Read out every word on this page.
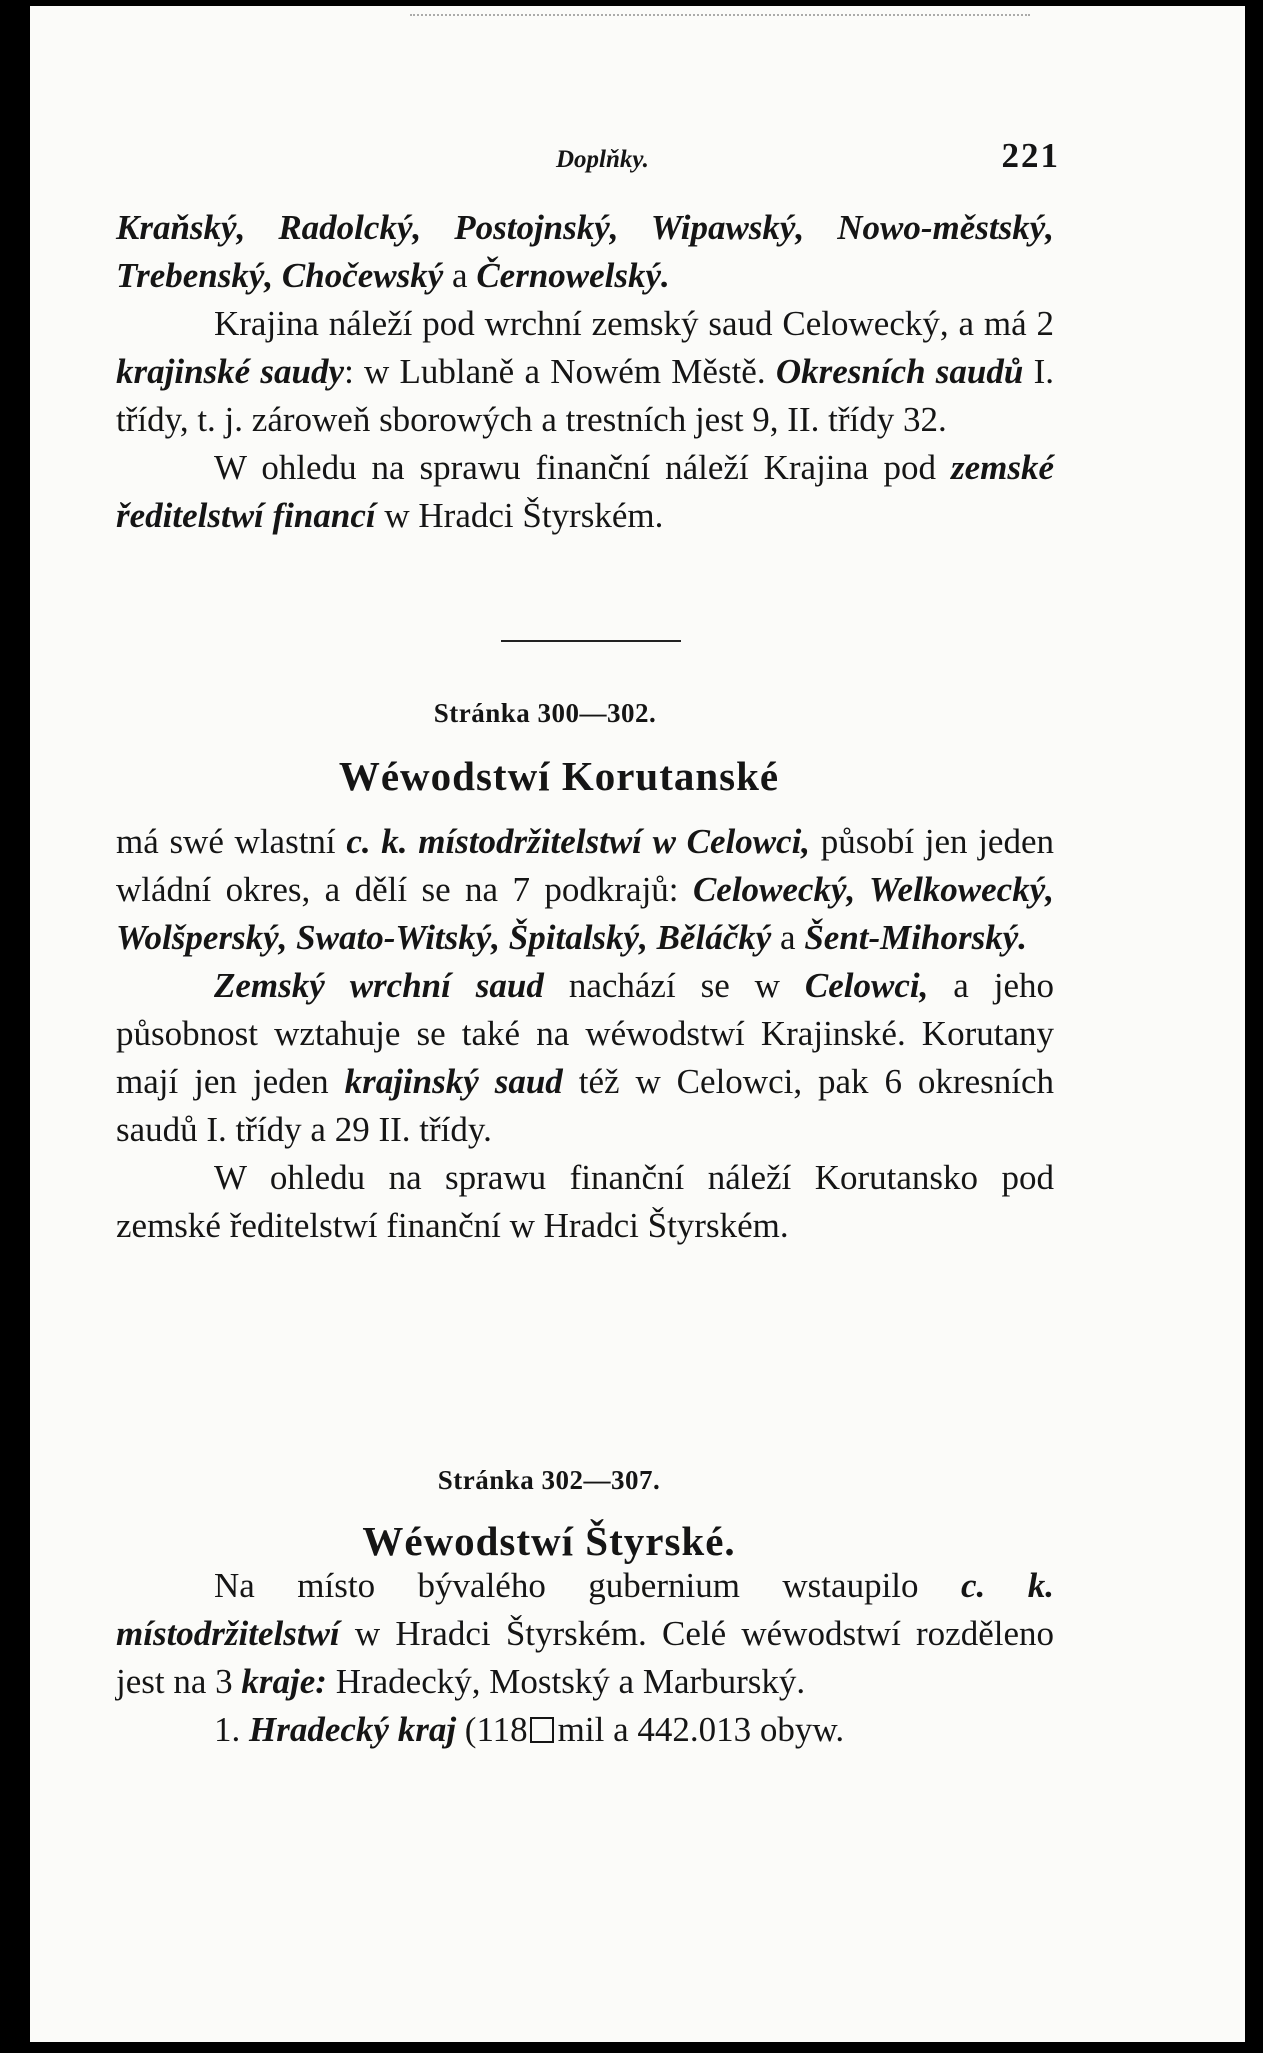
Doplňky.	221

Kraňský, Radolcký, Postojnský, Wipawský, Nowo-městský, Trebenský, Chočewský a Černowelský.

Krajina náleží pod wrchní zemský saud Celowecký, a má 2 krajinské saudy: w Lublaně a Nowém Městě. Okresních saudů I. třídy, t. j. zároweň sborowých a trestních jest 9, II. třídy 32.

W ohledu na sprawu finanční náleží Krajina pod zemské ředitelstwí financí w Hradci Štyrském.

Stránka 300—302.
Wéwodstwí Korutanské

má swé wlastní c. k. místodržitelstwí w Celowci, působí jen jeden wládní okres, a dělí se na 7 podkrajů: Celowecký, Welkowecký, Wolšperský, Swato-Witský, Špitalský, Běláčký a Šent-Mihorský.

Zemský wrchní saud nachází se w Celowci, a jeho působnost wztahuje se také na wéwodstwí Krajinské. Korutany mají jen jeden krajinský saud též w Celowci, pak 6 okresních saudů I. třídy a 29 II. třídy.

W ohledu na sprawu finanční náleží Korutansko pod zemské ředitelstwí finanční w Hradci Štyrském.

Stránka 302—307.
Wéwodstwí Štyrské.

Na místo bývalého gubernium wstaupilo c. k. místodržitelstwí w Hradci Štyrském. Celé wéwodstwí rozděleno jest na 3 kraje: Hradecký, Mostský a Marburský.

1. Hradecký kraj (118 mil a 442.013 obyw.
